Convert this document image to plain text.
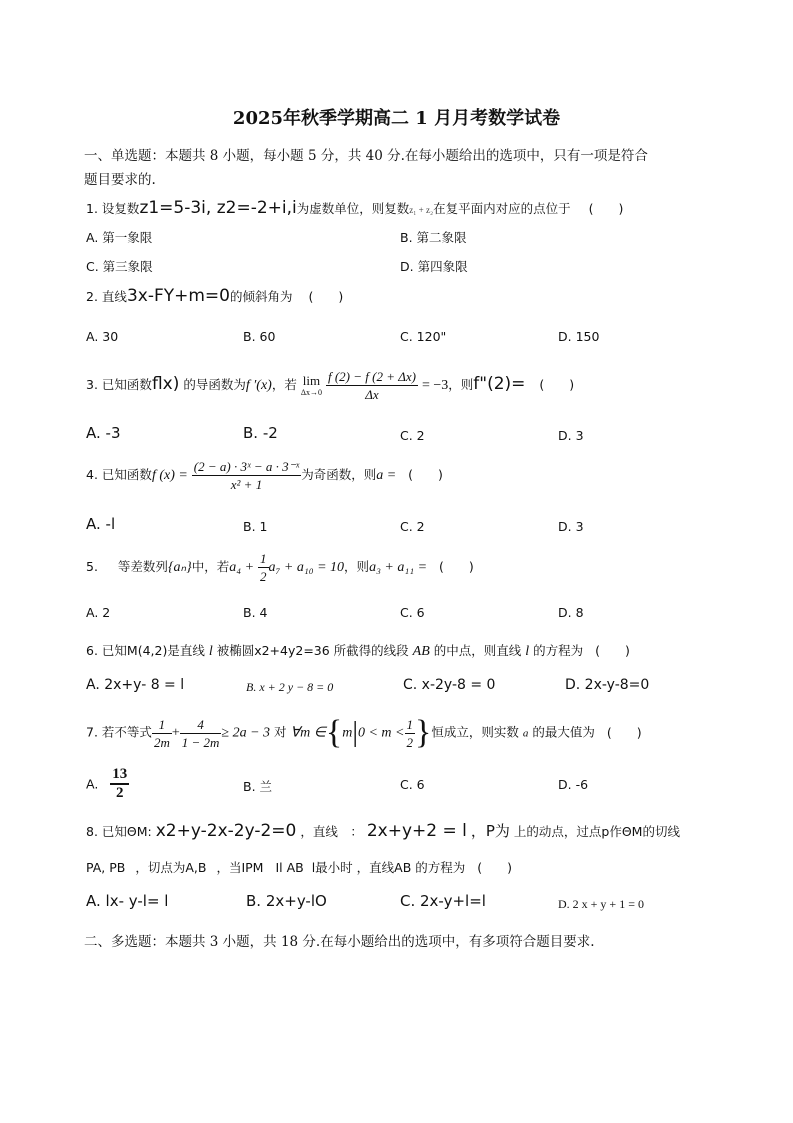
2025年秋季学期高二 1 月月考数学试卷
一、单选题：本题共 8 小题，每小题 5 分，共 40 分.在每小题给出的选项中，只有一项是符合
题目要求的.
1. 设复数z1=5-3i, z2=-2+i,i为虚数单位，则复数z₁ + z₂在复平面内对应的点位于 (　　)
A. 第一象限	B. 第二象限
C. 第三象限	D. 第四象限
2. 直线3x-FY+m=0的倾斜角为 (　　)
A. 30	B. 60	C. 120"	D. 150
3. 已知函数flx) 的导函数为f ′(x)，若 lim
Δx→0
$\frac{f (2) - f (2 + \Delta x)}{\Delta x} = -3$，则f"(2)= (　　)
A. -3	B. -2	C. 2	D. 3
4. 已知函数f $(x) = \frac{\text{(2 − a) · 3ˣ − a · 3⁻ˣ}}{\text{x² + 1}}$ 为奇函数，则a = (　　)
A. -l	B. 1	C. 2	D. 3
5. 等差数列{aₙ}中，若$a_4 + \frac{1}{2} a_7 + a_{10} = 10$，则a₃ + a₁₁ = (　　)
A. 2	B. 4	C. 6	D. 8
6. 已知M(4,2)是直线 l 被椭圆x2+4y2=36 所截得的线段 AB 的中点，则直线 l 的方程为 (　　)
A. 2x+y- 8 = l	B. x + 2 y − 8 = 0	C. x-2y-8 = 0	D. 2x-y-8=0
7. 若不等式 $\frac{1}{2m} + \frac{4}{1 - 2m} \ge 2a - 3$ 对 ∀m ∈{m|0 < $m < \frac{1}{2}$ }恒成立，则实数 a 的最大值为 (　　)
A. $\frac{13}{2}$	B. 兰	C. 6	D. -6
8. 已知ΘM: x2+y-2x-2y-2=0 ，直线　： 2x+y+2 = l ，P为 上的动点，过点p作ΘM的切线
PA, PB ，切点为A,B ，当IPM Il AB l最小时 ，直线AB 的方程为 (　　)
A. lx- y-l= l	B. 2x+y-lO	C. 2x-y+l=l	D. 2 x + y + 1 = 0
二、多选题：本题共 3 小题，共 18 分.在每小题给出的选项中，有多项符合题目要求.
